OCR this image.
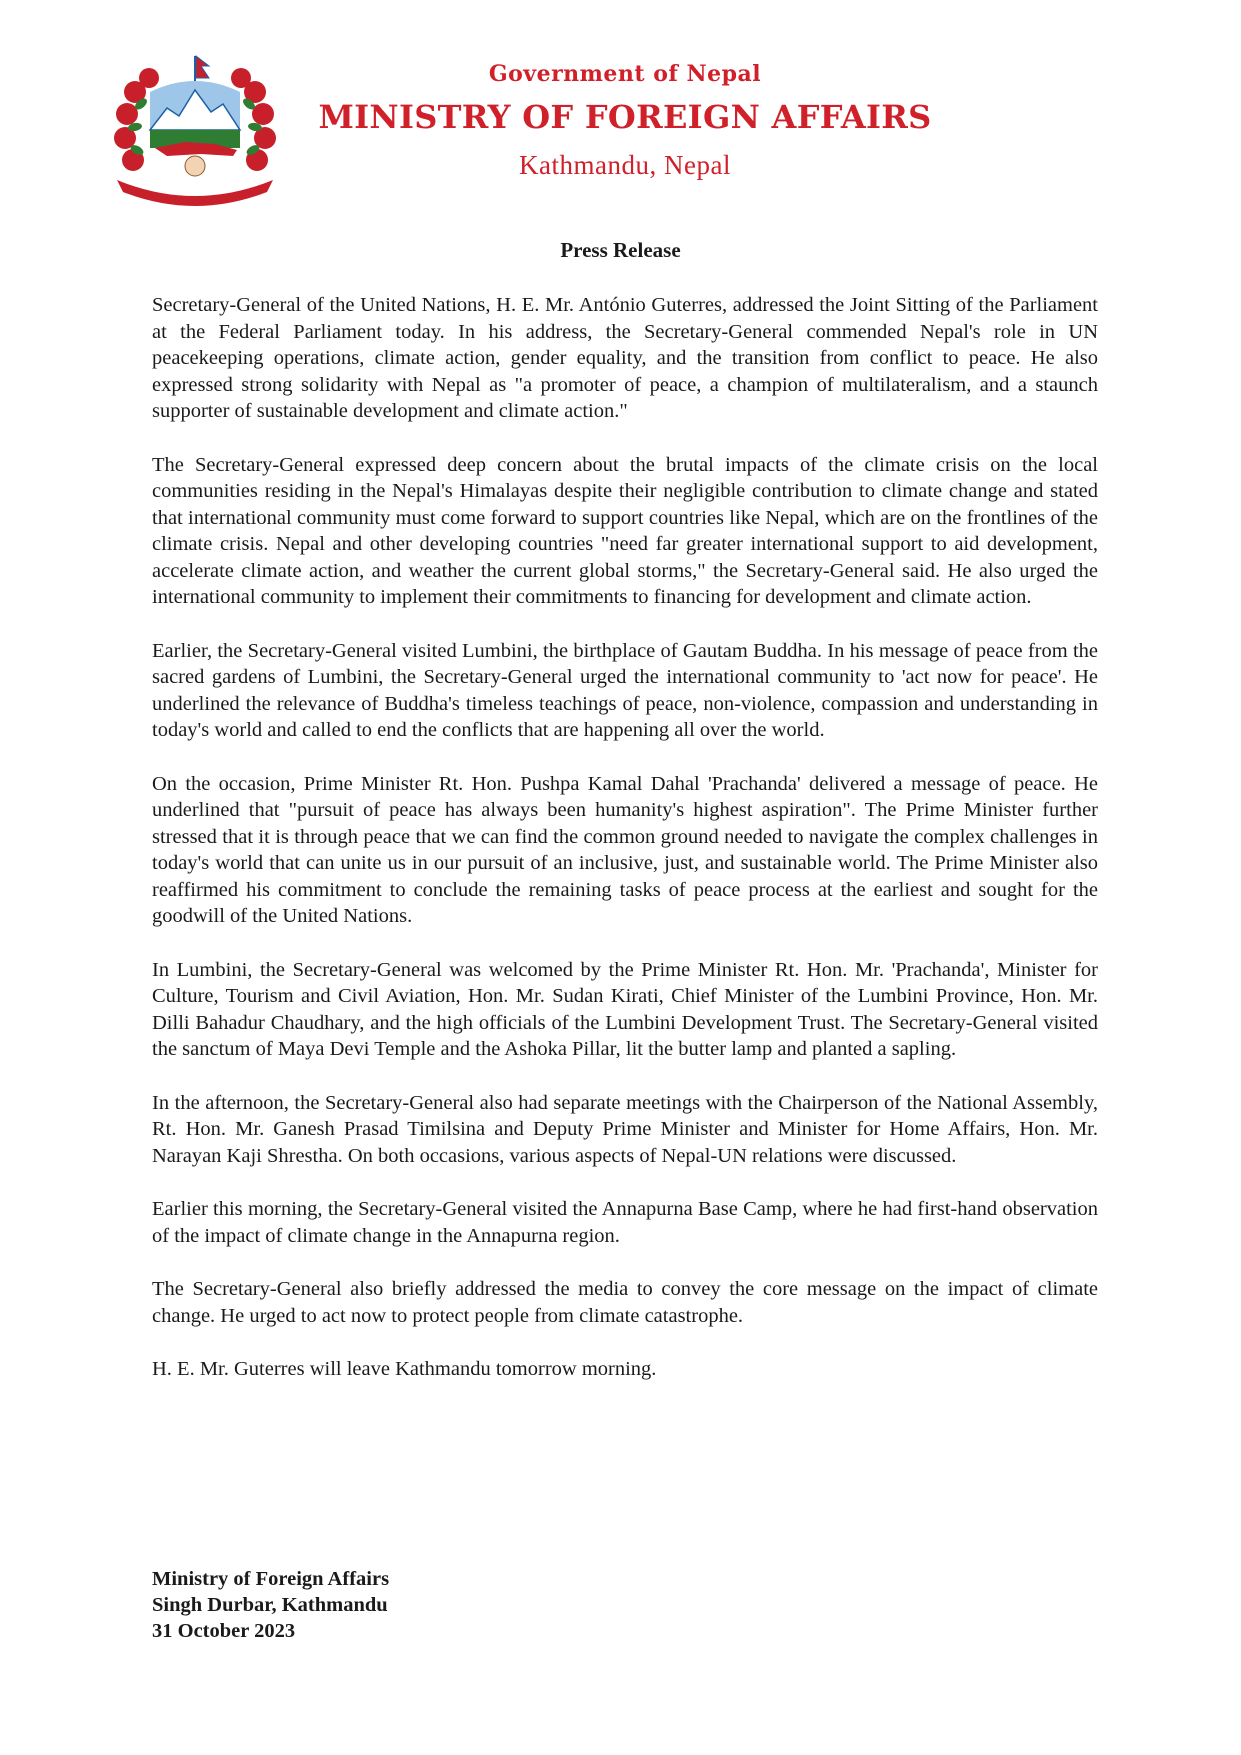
Government of Nepal
MINISTRY OF FOREIGN AFFAIRS
Kathmandu, Nepal
Press Release

Secretary-General of the United Nations, H. E. Mr. António Guterres, addressed the Joint Sitting of the Parliament at the Federal Parliament today. In his address, the Secretary-General commended Nepal's role in UN peacekeeping operations, climate action, gender equality, and the transition from conflict to peace. He also expressed strong solidarity with Nepal as "a promoter of peace, a champion of multilateralism, and a staunch supporter of sustainable development and climate action."

The Secretary-General expressed deep concern about the brutal impacts of the climate crisis on the local communities residing in the Nepal's Himalayas despite their negligible contribution to climate change and stated that international community must come forward to support countries like Nepal, which are on the frontlines of the climate crisis. Nepal and other developing countries "need far greater international support to aid development, accelerate climate action, and weather the current global storms," the Secretary-General said. He also urged the international community to implement their commitments to financing for development and climate action.

Earlier, the Secretary-General visited Lumbini, the birthplace of Gautam Buddha. In his message of peace from the sacred gardens of Lumbini, the Secretary-General urged the international community to 'act now for peace'. He underlined the relevance of Buddha's timeless teachings of peace, non-violence, compassion and understanding in today's world and called to end the conflicts that are happening all over the world.

On the occasion, Prime Minister Rt. Hon. Pushpa Kamal Dahal 'Prachanda' delivered a message of peace. He underlined that "pursuit of peace has always been humanity's highest aspiration". The Prime Minister further stressed that it is through peace that we can find the common ground needed to navigate the complex challenges in today's world that can unite us in our pursuit of an inclusive, just, and sustainable world. The Prime Minister also reaffirmed his commitment to conclude the remaining tasks of peace process at the earliest and sought for the goodwill of the United Nations.

In Lumbini, the Secretary-General was welcomed by the Prime Minister Rt. Hon. Mr. 'Prachanda', Minister for Culture, Tourism and Civil Aviation, Hon. Mr. Sudan Kirati, Chief Minister of the Lumbini Province, Hon. Mr. Dilli Bahadur Chaudhary, and the high officials of the Lumbini Development Trust. The Secretary-General visited the sanctum of Maya Devi Temple and the Ashoka Pillar, lit the butter lamp and planted a sapling.

In the afternoon, the Secretary-General also had separate meetings with the Chairperson of the National Assembly, Rt. Hon. Mr. Ganesh Prasad Timilsina and Deputy Prime Minister and Minister for Home Affairs, Hon. Mr. Narayan Kaji Shrestha. On both occasions, various aspects of Nepal-UN relations were discussed.

Earlier this morning, the Secretary-General visited the Annapurna Base Camp, where he had first-hand observation of the impact of climate change in the Annapurna region.

The Secretary-General also briefly addressed the media to convey the core message on the impact of climate change. He urged to act now to protect people from climate catastrophe.

H. E. Mr. Guterres will leave Kathmandu tomorrow morning.

Ministry of Foreign Affairs
Singh Durbar, Kathmandu
31 October 2023
